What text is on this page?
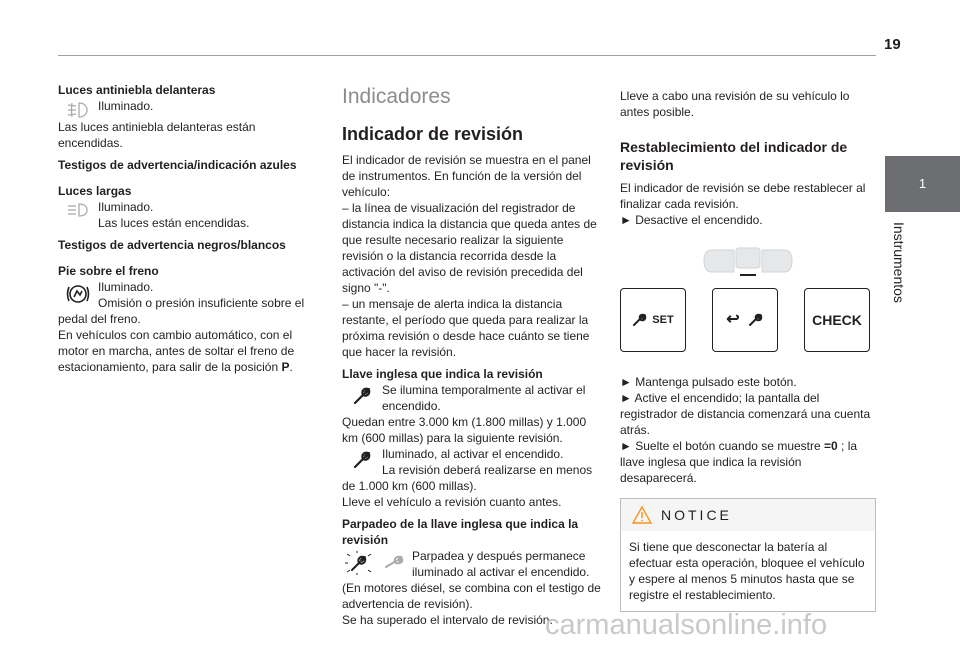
19
1
Instrumentos
Luces antiniebla delanteras
Iluminado.
Las luces antiniebla delanteras están encendidas.
Testigos de advertencia/indicación azules
Luces largas
Iluminado.
Las luces están encendidas.
Testigos de advertencia negros/blancos
Pie sobre el freno
Iluminado.
Omisión o presión insuficiente sobre el
pedal del freno.
En vehículos con cambio automático, con el motor en marcha, antes de soltar el freno de estacionamiento, para salir de la posición P.
Indicadores
Indicador de revisión
El indicador de revisión se muestra en el panel de instrumentos. En función de la versión del vehículo:
– la línea de visualización del registrador de distancia indica la distancia que queda antes de que resulte necesario realizar la siguiente revisión o la distancia recorrida desde la activación del aviso de revisión precedida del signo "-".
– un mensaje de alerta indica la distancia restante, el período que queda para realizar la próxima revisión o desde hace cuánto se tiene que hacer la revisión.
Llave inglesa que indica la revisión
Se ilumina temporalmente al activar el encendido.
Quedan entre 3.000 km (1.800 millas) y 1.000 km (600 millas) para la siguiente revisión.
Iluminado, al activar el encendido.
La revisión deberá realizarse en menos
de 1.000 km (600 millas).
Lleve el vehículo a revisión cuanto antes.
Parpadeo de la llave inglesa que indica la revisión
Parpadea y después permanece iluminado al activar el encendido.
(En motores diésel, se combina con el testigo de advertencia de revisión).
Se ha superado el intervalo de revisión.
Lleve a cabo una revisión de su vehículo lo antes posible.
Restablecimiento del indicador de revisión
El indicador de revisión se debe restablecer al finalizar cada revisión.
► Desactive el encendido.
SET	↩	CHECK
► Mantenga pulsado este botón.
► Active el encendido; la pantalla del registrador de distancia comenzará una cuenta atrás.
► Suelte el botón cuando se muestre =0 ; la llave inglesa que indica la revisión desaparecerá.
NOTICE
Si tiene que desconectar la batería al efectuar esta operación, bloquee el vehículo y espere al menos 5 minutos hasta que se registre el restablecimiento.
carmanualsonline.info
